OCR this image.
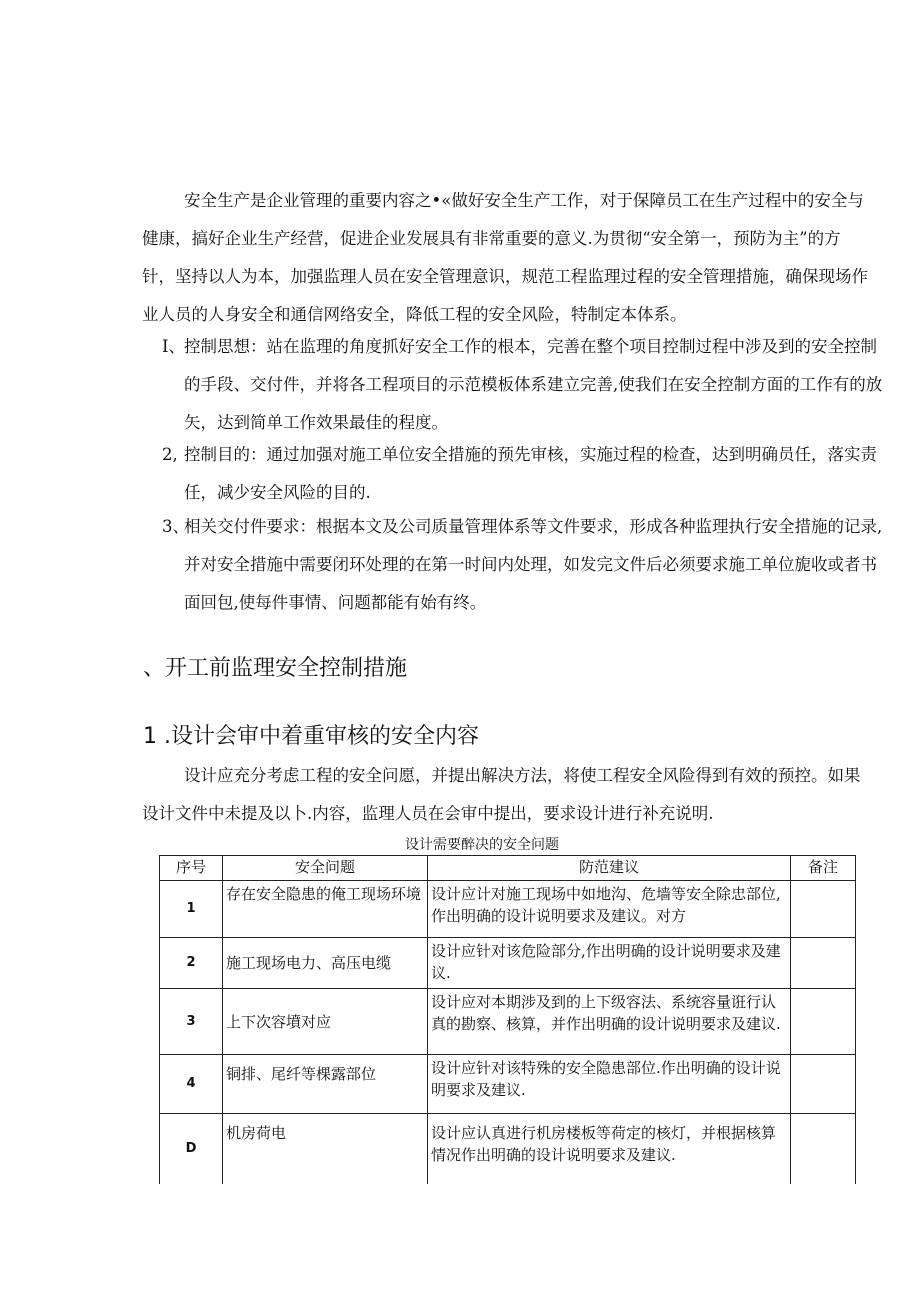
安全生产是企业管理的重要内容之•«做好安全生产工作，对于保障员工在生产过程中的安全与健康，搞好企业生产经营，促进企业发展具有非常重要的意义.为贯彻“安全第一，预防为主”的方针，坚持以人为本，加强监理人员在安全管理意识，规范工程监理过程的安全管理措施，确保现场作业人员的人身安全和通信网络安全，降低工程的安全风险，特制定本体系。

I、
控制思想：站在监理的角度抓好安全工作的根本，完善在整个项目控制过程中涉及到的安全控制的手段、交付件，并将各工程项目的示范模板体系建立完善,使我们在安全控制方面的工作有的放矢，达到简单工作效果最佳的程度。
2, 控制目的：通过加强对施工单位安全措施的预先审核，实施过程的检查，达到明确员任，落实责任，减少安全风险的目的.
3、
相关交付件要求：根据本文及公司质量管理体系等文件要求，形成各种监理执行安全措施的记录,并对安全措施中需要闭环处理的在第一时间内处理，如发完文件后必须要求施工单位旎收或者书面回包,使每件事情、问题都能有始有终。
、开工前监理安全控制措施
1 .设计会审中着重审核的安全内容

设计应充分考虑工程的安全问愿，并提出解决方法，将使工程安全风险得到有效的预控。如果设计文件中未提及以卜.内容，监理人员在会审中提出，要求设计进行补充说明.

设计需要醉决的安全问题
序号	安全问题	防范建议	备注
1	存在安全隐患的俺工现场环境	设计应计对施工现场中如地沟、危墙等安全除忠部位,作出明确的设计说明要求及建议。对方	
2	施工现场电力、高压电缆	设计应针对该危险部分,作出明确的设计说明要求及建议.	
3	上下次容墳对应	设计应对本期涉及到的上下级容法、系统容量诳行认真的勘察、核算，并作出明确的设计说明要求及建议.	
4	铜排、尾纤等棵露部位	设计应针对该特殊的安全隐患部位.作出明确的设计说明要求及建议.	
D	机房荷电	设计应认真进行机房楼板等荷定的核灯，并根据核算情况作出明确的设计说明要求及建议.	
